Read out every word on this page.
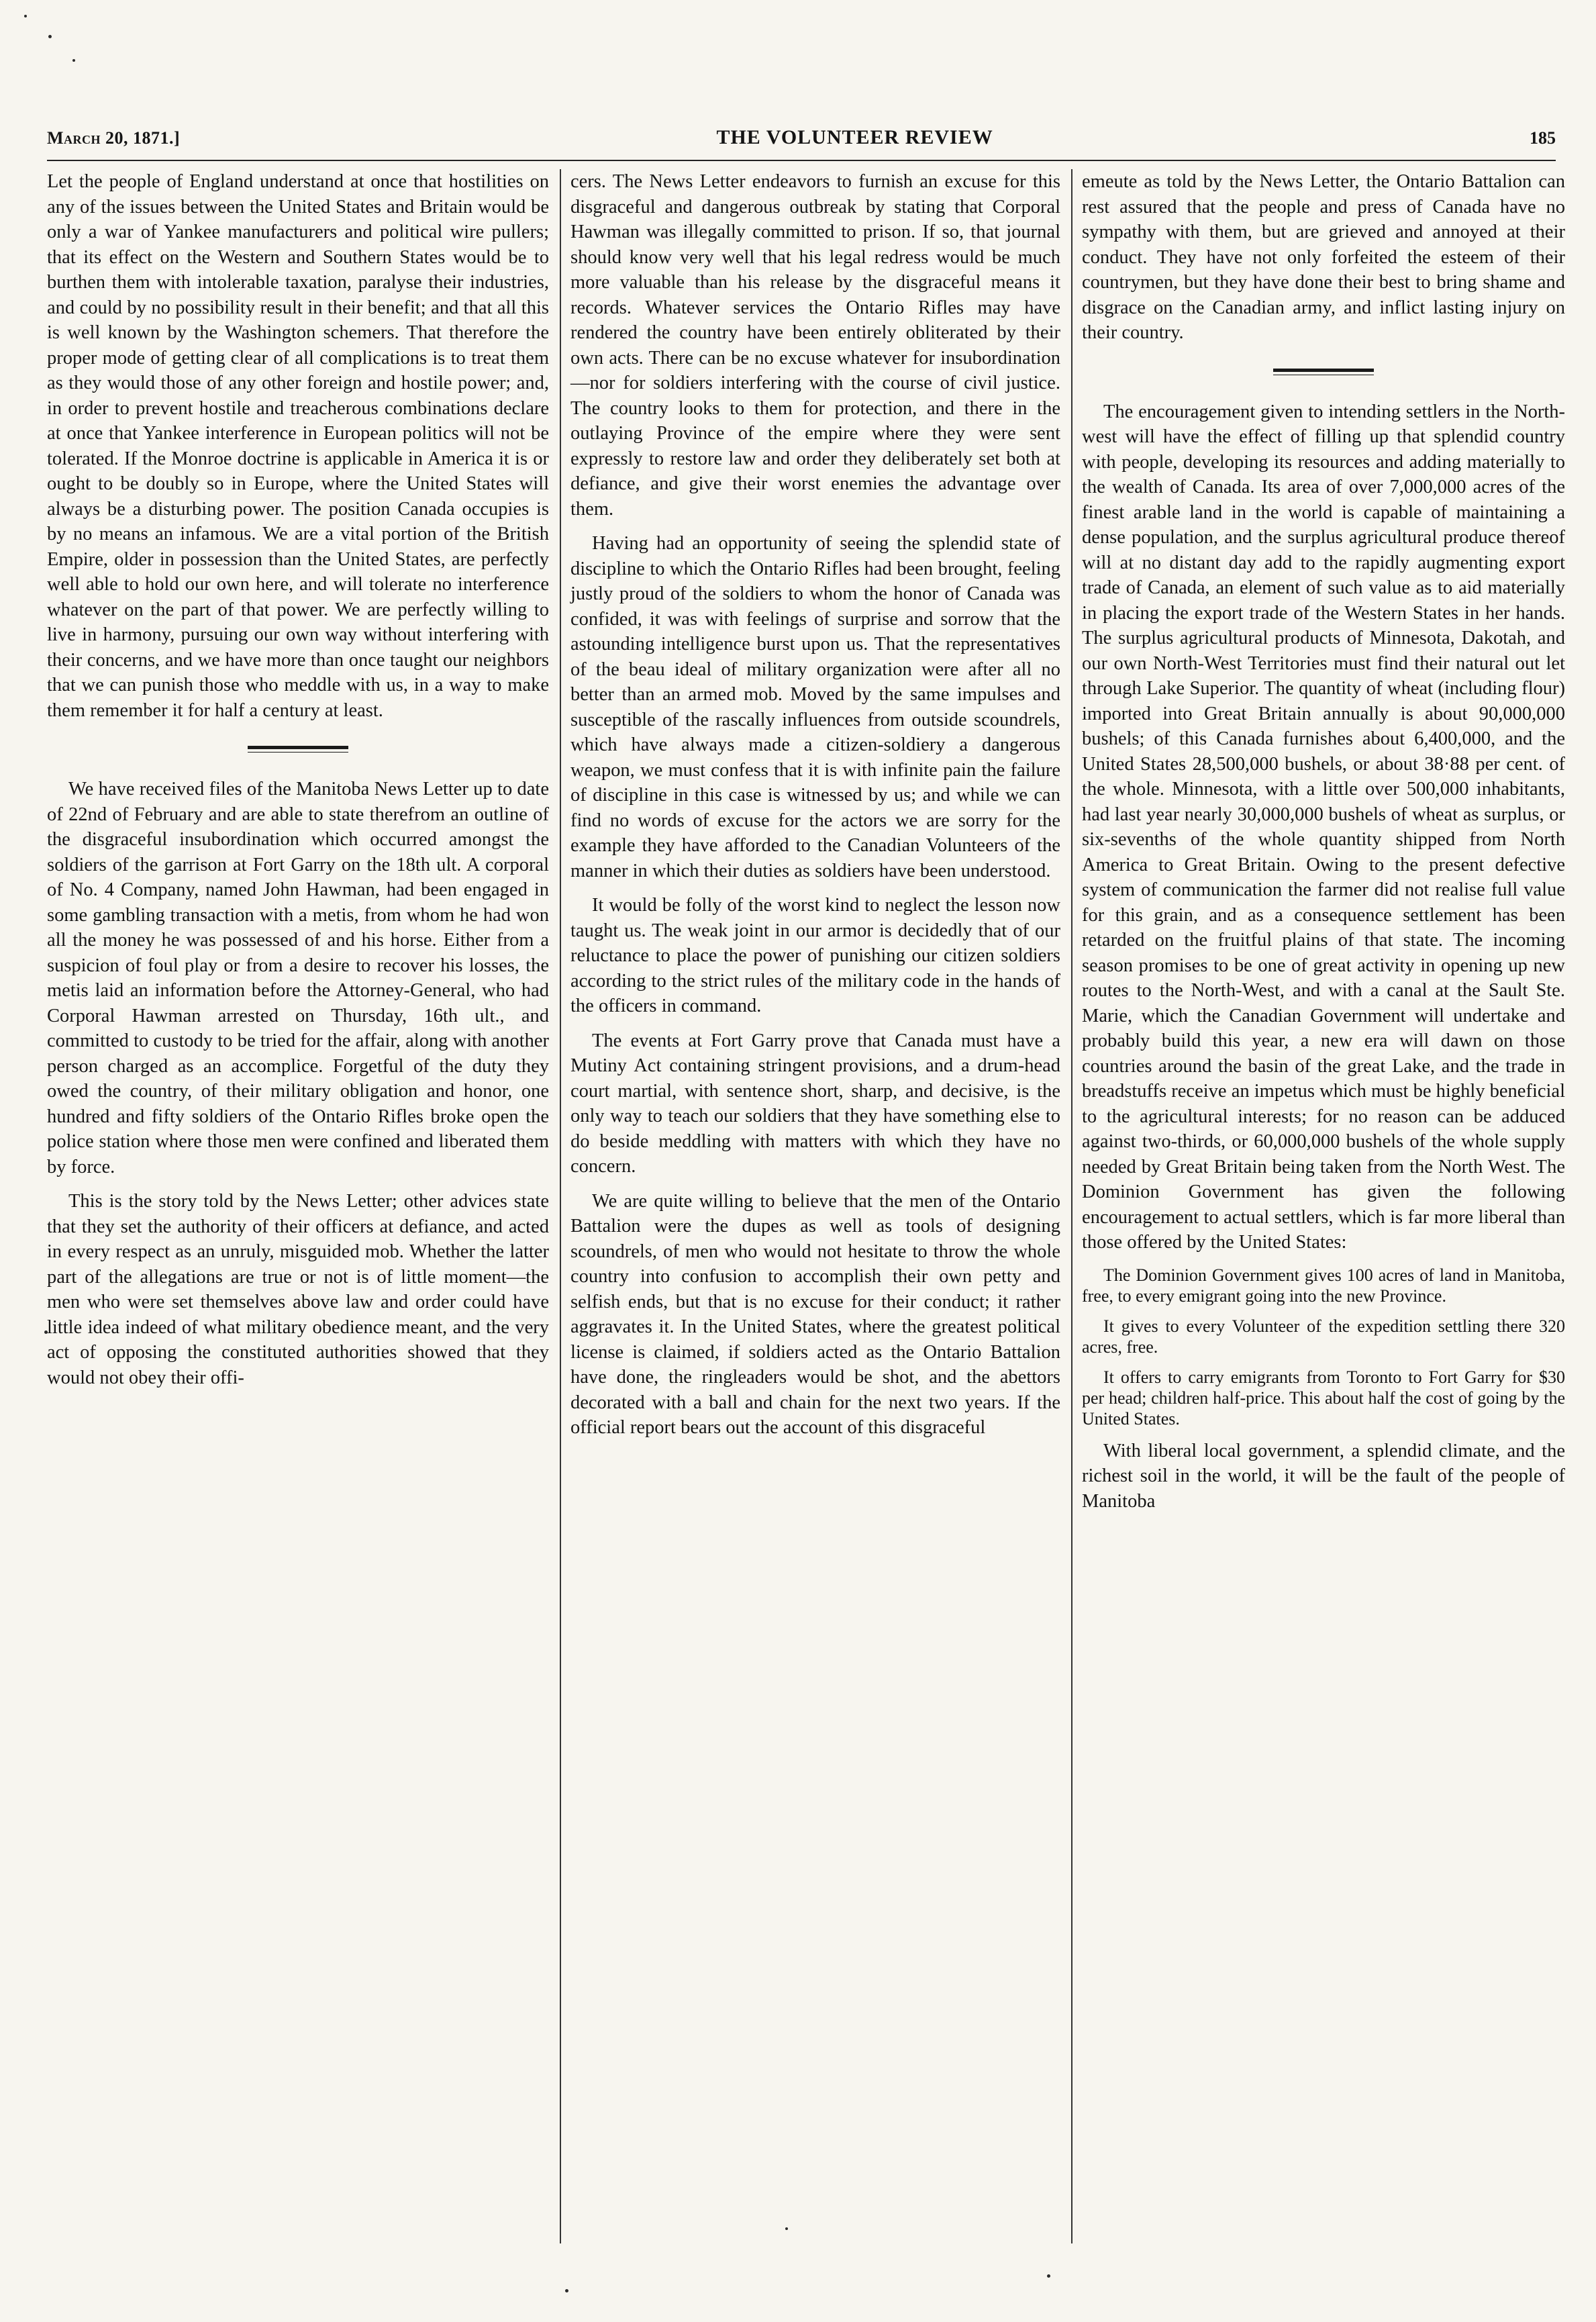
March 20, 1871.]	THE VOLUNTEER REVIEW	185

Let the people of England understand at once that hostilities on any of the issues between the United States and Britain would be only a war of Yankee manufacturers and political wire pullers; that its effect on the Western and Southern States would be to burthen them with intolerable taxation, paralyse their industries, and could by no possibility result in their benefit; and that all this is well known by the Washington schemers. That therefore the proper mode of getting clear of all complications is to treat them as they would those of any other foreign and hostile power; and, in order to prevent hostile and treacherous combinations declare at once that Yankee interference in European politics will not be tolerated. If the Monroe doctrine is applicable in America it is or ought to be doubly so in Europe, where the United States will always be a disturbing power. The position Canada occupies is by no means an infamous. We are a vital portion of the British Empire, older in possession than the United States, are perfectly well able to hold our own here, and will tolerate no interference whatever on the part of that power. We are perfectly willing to live in harmony, pursuing our own way without interfering with their concerns, and we have more than once taught our neighbors that we can punish those who meddle with us, in a way to make them remember it for half a century at least.

We have received files of the Manitoba News Letter up to date of 22nd of February and are able to state therefrom an outline of the disgraceful insubordination which occurred amongst the soldiers of the garrison at Fort Garry on the 18th ult. A corporal of No. 4 Company, named John Hawman, had been engaged in some gambling transaction with a metis, from whom he had won all the money he was possessed of and his horse. Either from a suspicion of foul play or from a desire to recover his losses, the metis laid an information before the Attorney-General, who had Corporal Hawman arrested on Thursday, 16th ult., and committed to custody to be tried for the affair, along with another person charged as an accomplice. Forgetful of the duty they owed the country, of their military obligation and honor, one hundred and fifty soldiers of the Ontario Rifles broke open the police station where those men were confined and liberated them by force.

This is the story told by the News Letter; other advices state that they set the authority of their officers at defiance, and acted in every respect as an unruly, misguided mob. Whether the latter part of the allegations are true or not is of little moment—the men who were set themselves above law and order could have little idea indeed of what military obedience meant, and the very act of opposing the constituted authorities showed that they would not obey their offi-

cers. The News Letter endeavors to furnish an excuse for this disgraceful and dangerous outbreak by stating that Corporal Hawman was illegally committed to prison. If so, that journal should know very well that his legal redress would be much more valuable than his release by the disgraceful means it records. Whatever services the Ontario Rifles may have rendered the country have been entirely obliterated by their own acts. There can be no excuse whatever for insubordination—nor for soldiers interfering with the course of civil justice. The country looks to them for protection, and there in the outlaying Province of the empire where they were sent expressly to restore law and order they deliberately set both at defiance, and give their worst enemies the advantage over them.

Having had an opportunity of seeing the splendid state of discipline to which the Ontario Rifles had been brought, feeling justly proud of the soldiers to whom the honor of Canada was confided, it was with feelings of surprise and sorrow that the astounding intelligence burst upon us. That the representatives of the beau ideal of military organization were after all no better than an armed mob. Moved by the same impulses and susceptible of the rascally influences from outside scoundrels, which have always made a citizen-soldiery a dangerous weapon, we must confess that it is with infinite pain the failure of discipline in this case is witnessed by us; and while we can find no words of excuse for the actors we are sorry for the example they have afforded to the Canadian Volunteers of the manner in which their duties as soldiers have been understood.

It would be folly of the worst kind to neglect the lesson now taught us. The weak joint in our armor is decidedly that of our reluctance to place the power of punishing our citizen soldiers according to the strict rules of the military code in the hands of the officers in command.

The events at Fort Garry prove that Canada must have a Mutiny Act containing stringent provisions, and a drum-head court martial, with sentence short, sharp, and decisive, is the only way to teach our soldiers that they have something else to do beside meddling with matters with which they have no concern.

We are quite willing to believe that the men of the Ontario Battalion were the dupes as well as tools of designing scoundrels, of men who would not hesitate to throw the whole country into confusion to accomplish their own petty and selfish ends, but that is no excuse for their conduct; it rather aggravates it. In the United States, where the greatest political license is claimed, if soldiers acted as the Ontario Battalion have done, the ringleaders would be shot, and the abettors decorated with a ball and chain for the next two years. If the official report bears out the account of this disgraceful

emeute as told by the News Letter, the Ontario Battalion can rest assured that the people and press of Canada have no sympathy with them, but are grieved and annoyed at their conduct. They have not only forfeited the esteem of their countrymen, but they have done their best to bring shame and disgrace on the Canadian army, and inflict lasting injury on their country.

The encouragement given to intending settlers in the North-west will have the effect of filling up that splendid country with people, developing its resources and adding materially to the wealth of Canada. Its area of over 7,000,000 acres of the finest arable land in the world is capable of maintaining a dense population, and the surplus agricultural produce thereof will at no distant day add to the rapidly augmenting export trade of Canada, an element of such value as to aid materially in placing the export trade of the Western States in her hands. The surplus agricultural products of Minnesota, Dakotah, and our own North-West Territories must find their natural out let through Lake Superior. The quantity of wheat (including flour) imported into Great Britain annually is about 90,000,000 bushels; of this Canada furnishes about 6,400,000, and the United States 28,500,000 bushels, or about 38·88 per cent. of the whole. Minnesota, with a little over 500,000 inhabitants, had last year nearly 30,000,000 bushels of wheat as surplus, or six-sevenths of the whole quantity shipped from North America to Great Britain. Owing to the present defective system of communication the farmer did not realise full value for this grain, and as a consequence settlement has been retarded on the fruitful plains of that state. The incoming season promises to be one of great activity in opening up new routes to the North-West, and with a canal at the Sault Ste. Marie, which the Canadian Government will undertake and probably build this year, a new era will dawn on those countries around the basin of the great Lake, and the trade in breadstuffs receive an impetus which must be highly beneficial to the agricultural interests; for no reason can be adduced against two-thirds, or 60,000,000 bushels of the whole supply needed by Great Britain being taken from the North West. The Dominion Government has given the following encouragement to actual settlers, which is far more liberal than those offered by the United States:

The Dominion Government gives 100 acres of land in Manitoba, free, to every emigrant going into the new Province.

It gives to every Volunteer of the expedition settling there 320 acres, free.

It offers to carry emigrants from Toronto to Fort Garry for $30 per head; children half-price. This about half the cost of going by the United States.

With liberal local government, a splendid climate, and the richest soil in the world, it will be the fault of the people of Manitoba
